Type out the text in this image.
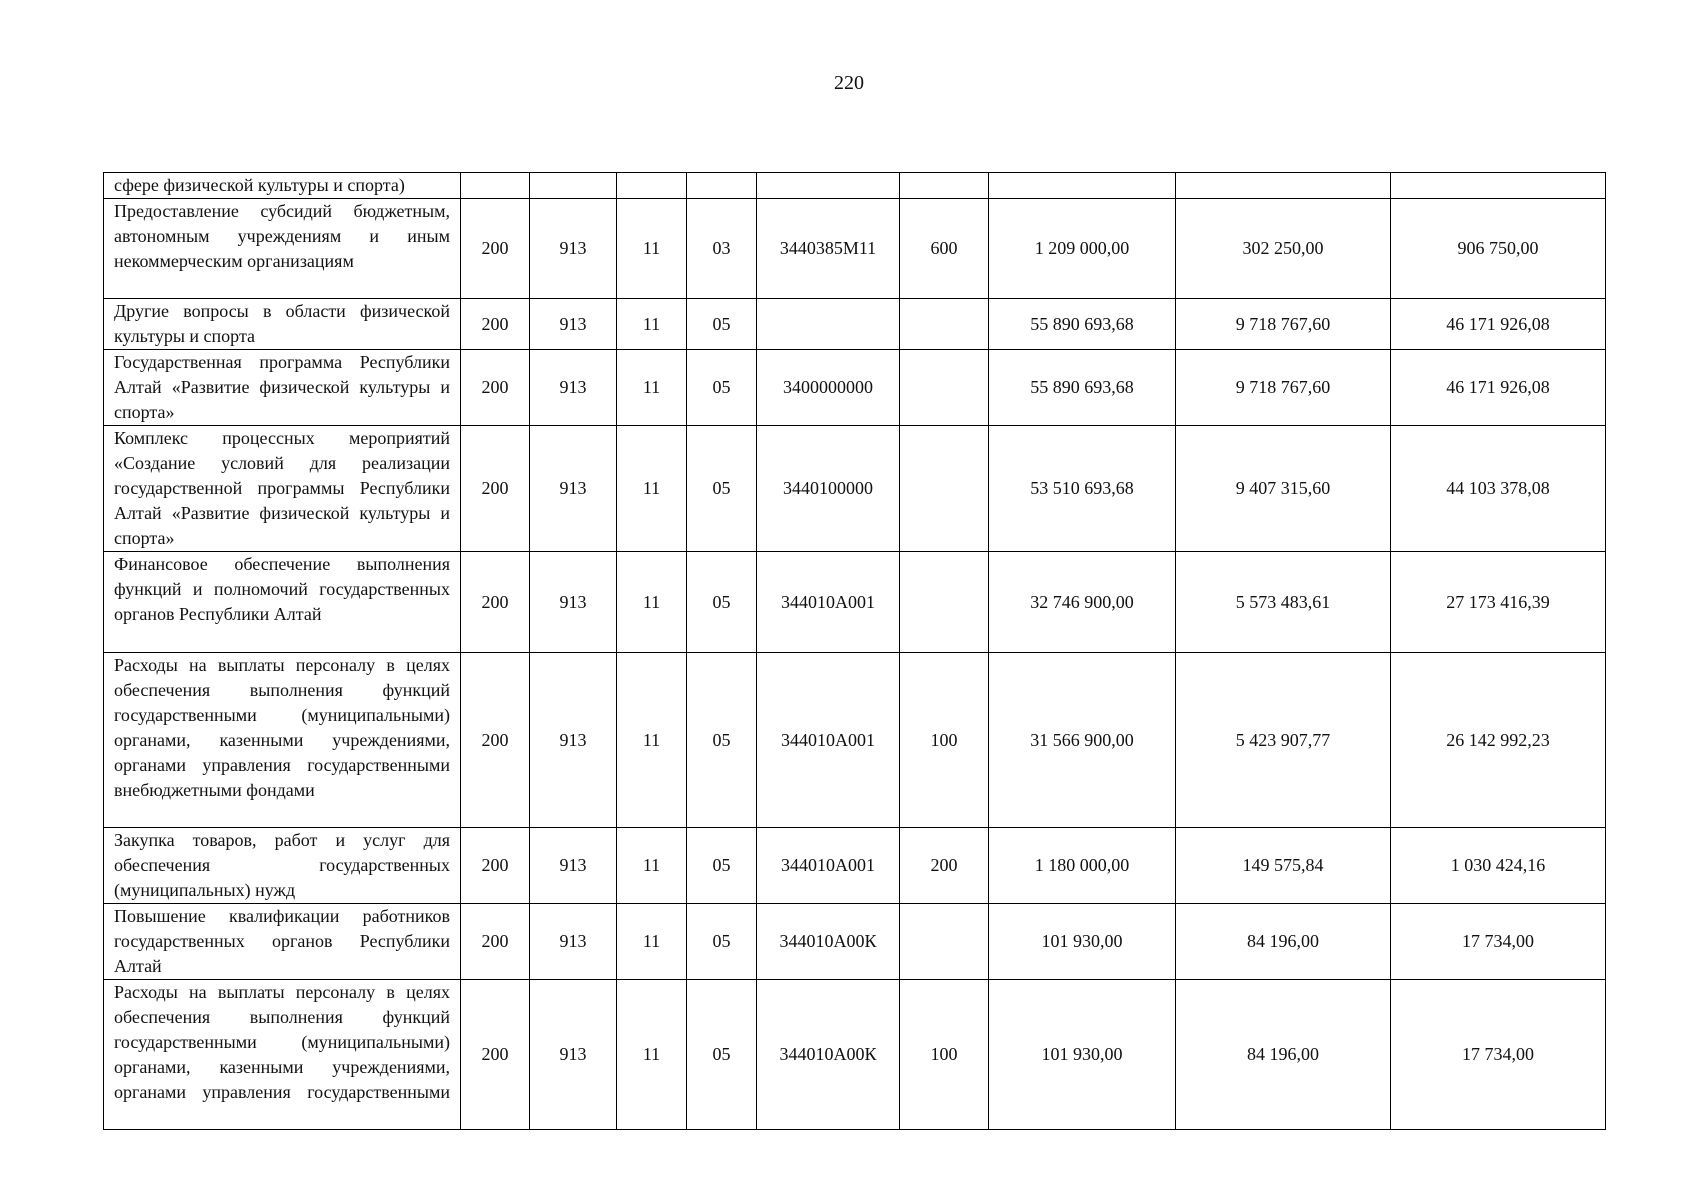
220
сфере физической культуры и спорта)									
Предоставление субсидий бюджетным, автономным учреждениям и иным некоммерческим организациям	200	913	11	03	3440385М11	600	1 209 000,00	302 250,00	906 750,00
Другие вопросы в области физической культуры и спорта	200	913	11	05			55 890 693,68	9 718 767,60	46 171 926,08
Государственная программа Республики Алтай «Развитие физической культуры и спорта»	200	913	11	05	3400000000		55 890 693,68	9 718 767,60	46 171 926,08
Комплекс процессных мероприятий «Создание условий для реализации государственной программы Республики Алтай «Развитие физической культуры и спорта»	200	913	11	05	3440100000		53 510 693,68	9 407 315,60	44 103 378,08
Финансовое обеспечение выполнения функций и полномочий государственных органов Республики Алтай	200	913	11	05	344010А001		32 746 900,00	5 573 483,61	27 173 416,39
Расходы на выплаты персоналу в целях обеспечения выполнения функций государственными (муниципальными) органами, казенными учреждениями, органами управления государственными внебюджетными фондами	200	913	11	05	344010А001	100	31 566 900,00	5 423 907,77	26 142 992,23
Закупка товаров, работ и услуг для обеспечения государственных (муниципальных) нужд	200	913	11	05	344010А001	200	1 180 000,00	149 575,84	1 030 424,16
Повышение квалификации работников государственных органов Республики Алтай	200	913	11	05	344010А00К		101 930,00	84 196,00	17 734,00
Расходы на выплаты персоналу в целях обеспечения выполнения функций государственными (муниципальными) органами, казенными учреждениями, органами управления государственными	200	913	11	05	344010А00К	100	101 930,00	84 196,00	17 734,00
